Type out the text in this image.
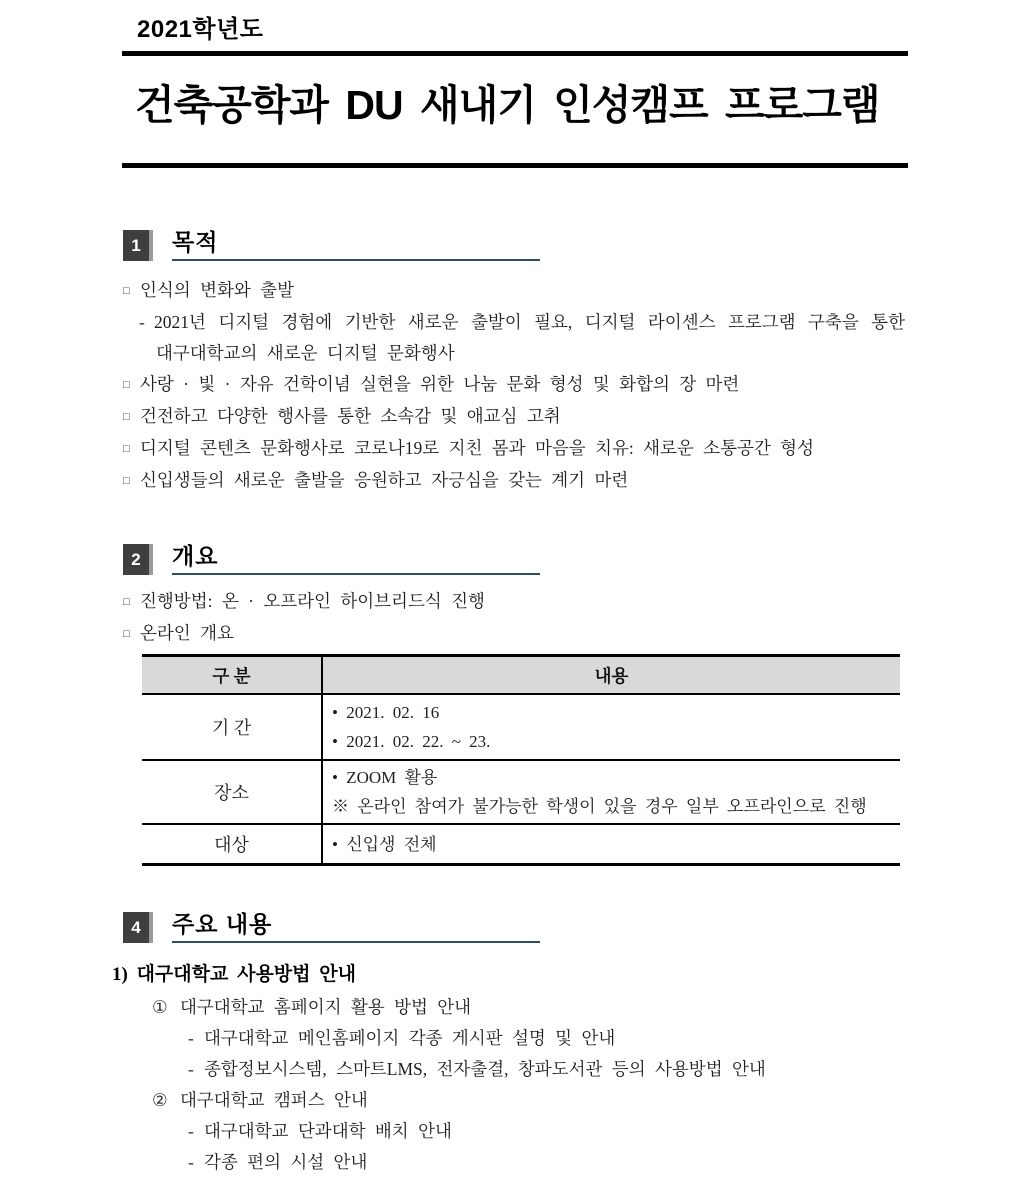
2021학년도
건축공학과 DU 새내기 인성캠프 프로그램
1	목적
□ 인식의 변화와 출발
- 2021년 디지털 경험에 기반한 새로운 출발이 필요, 디지털 라이센스 프로그램 구축을 통한
대구대학교의 새로운 디지털 문화행사
□ 사랑 · 빛 · 자유 건학이념 실현을 위한 나눔 문화 형성 및 화합의 장 마련
□ 건전하고 다양한 행사를 통한 소속감 및 애교심 고취
□ 디지털 콘텐츠 문화행사로 코로나19로 지친 몸과 마음을 치유: 새로운 소통공간 형성
□ 신입생들의 새로운 출발을 응원하고 자긍심을 갖는 계기 마련
2	개요
□ 진행방법: 온 · 오프라인 하이브리드식 진행
□ 온라인 개요
구 분	내용
기 간	• 2021. 02. 16
• 2021. 02. 22. ~ 23.

장소	• ZOOM 활용
※ 온라인 참여가 불가능한 학생이 있을 경우 일부 오프라인으로 진행

대상	• 신입생 전체
4	주요 내용
1) 대구대학교 사용방법 안내
① 대구대학교 홈페이지 활용 방법 안내
- 대구대학교 메인홈페이지 각종 게시판 설명 및 안내
- 종합정보시스템, 스마트LMS, 전자출결, 창파도서관 등의 사용방법 안내
② 대구대학교 캠퍼스 안내
- 대구대학교 단과대학 배치 안내
- 각종 편의 시설 안내
